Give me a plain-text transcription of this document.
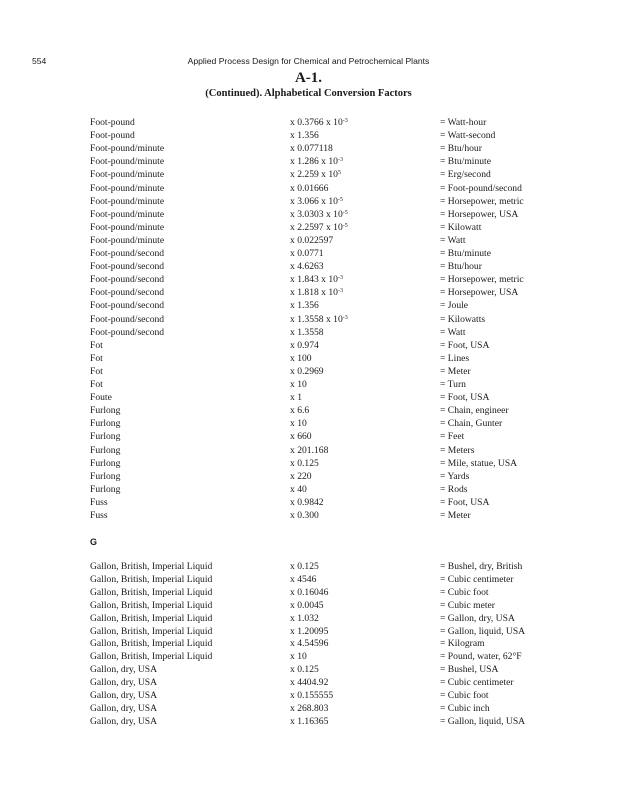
554	Applied Process Design for Chemical and Petrochemical Plants
A-1.
(Continued). Alphabetical Conversion Factors
Foot-pound	x 0.3766 x $10^{-3}$	= Watt-hour
Foot-pound	x 1.356	= Watt-second
Foot-pound/minute	x 0.077118	= Btu/hour
Foot-pound/minute	x 1.286 x $10^{-3}$	= Btu/minute
Foot-pound/minute	x 2.259 x $10^5$	= Erg/second
Foot-pound/minute	x 0.01666	= Foot-pound/second
Foot-pound/minute	x 3.066 x $10^{-5}$	= Horsepower, metric
Foot-pound/minute	x 3.0303 x $10^{-5}$	= Horsepower, USA
Foot-pound/minute	x 2.2597 x $10^{-5}$	= Kilowatt
Foot-pound/minute	x 0.022597	= Watt
Foot-pound/second	x 0.0771	= Btu/minute
Foot-pound/second	x 4.6263	= Btu/hour
Foot-pound/second	x 1.843 x $10^{-3}$	= Horsepower, metric
Foot-pound/second	x 1.818 x $10^{-3}$	= Horsepower, USA
Foot-pound/second	x 1.356	= Joule
Foot-pound/second	x 1.3558 x $10^{-3}$	= Kilowatts
Foot-pound/second	x 1.3558	= Watt
Fot	x 0.974	= Foot, USA
Fot	x 100	= Lines
Fot	x 0.2969	= Meter
Fot	x 10	= Turn
Foute	x 1	= Foot, USA
Furlong	x 6.6	= Chain, engineer
Furlong	x 10	= Chain, Gunter
Furlong	x 660	= Feet
Furlong	x 201.168	= Meters
Furlong	x 0.125	= Mile, statue, USA
Furlong	x 220	= Yards
Furlong	x 40	= Rods
Fuss	x 0.9842	= Foot, USA
Fuss	x 0.300	= Meter
G
Gallon, British, Imperial Liquid	x 0.125	= Bushel, dry, British
Gallon, British, Imperial Liquid	x 4546	= Cubic centimeter
Gallon, British, Imperial Liquid	x 0.16046	= Cubic foot
Gallon, British, Imperial Liquid	x 0.0045	= Cubic meter
Gallon, British, Imperial Liquid	x 1.032	= Gallon, dry, USA
Gallon, British, Imperial Liquid	x 1.20095	= Gallon, liquid, USA
Gallon, British, Imperial Liquid	x 4.54596	= Kilogram
Gallon, British, Imperial Liquid	x 10	= Pound, water, 62°F
Gallon, dry, USA	x 0.125	= Bushel, USA
Gallon, dry, USA	x 4404.92	= Cubic centimeter
Gallon, dry, USA	x 0.155555	= Cubic foot
Gallon, dry, USA	x 268.803	= Cubic inch
Gallon, dry, USA	x 1.16365	= Gallon, liquid, USA
